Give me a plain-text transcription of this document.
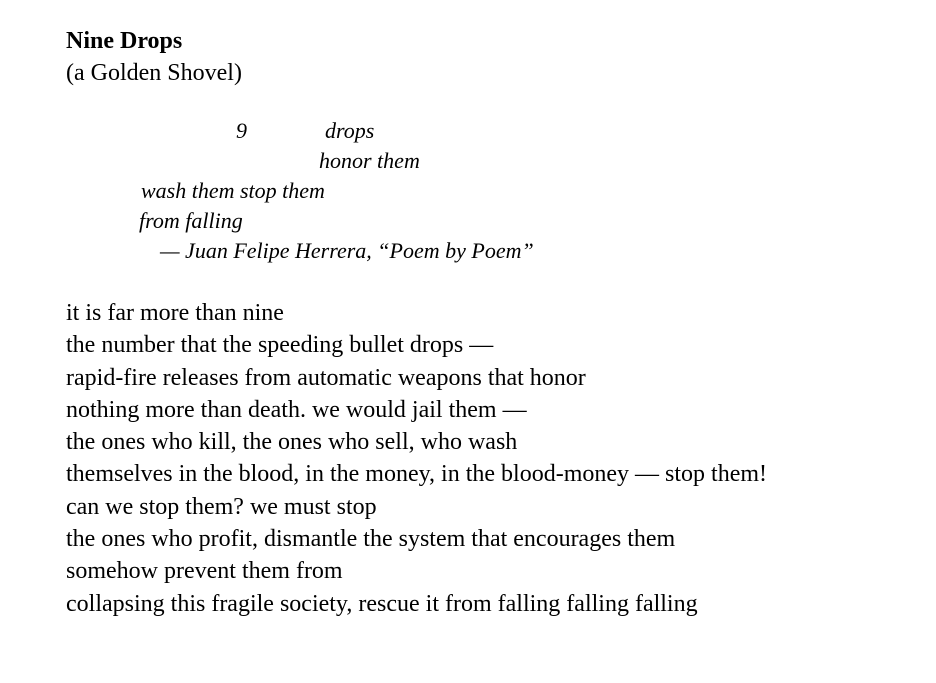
Nine Drops
(a Golden Shovel)
9	drops
honor them
wash them stop them
from falling
— Juan Felipe Herrera, “Poem by Poem”
it is far more than nine
the number that the speeding bullet drops —
rapid-fire releases from automatic weapons that honor
nothing more than death. we would jail them —
the ones who kill, the ones who sell, who wash
themselves in the blood, in the money, in the blood-money — stop them!
can we stop them? we must stop
the ones who profit, dismantle the system that encourages them
somehow prevent them from
collapsing this fragile society, rescue it from falling falling falling
